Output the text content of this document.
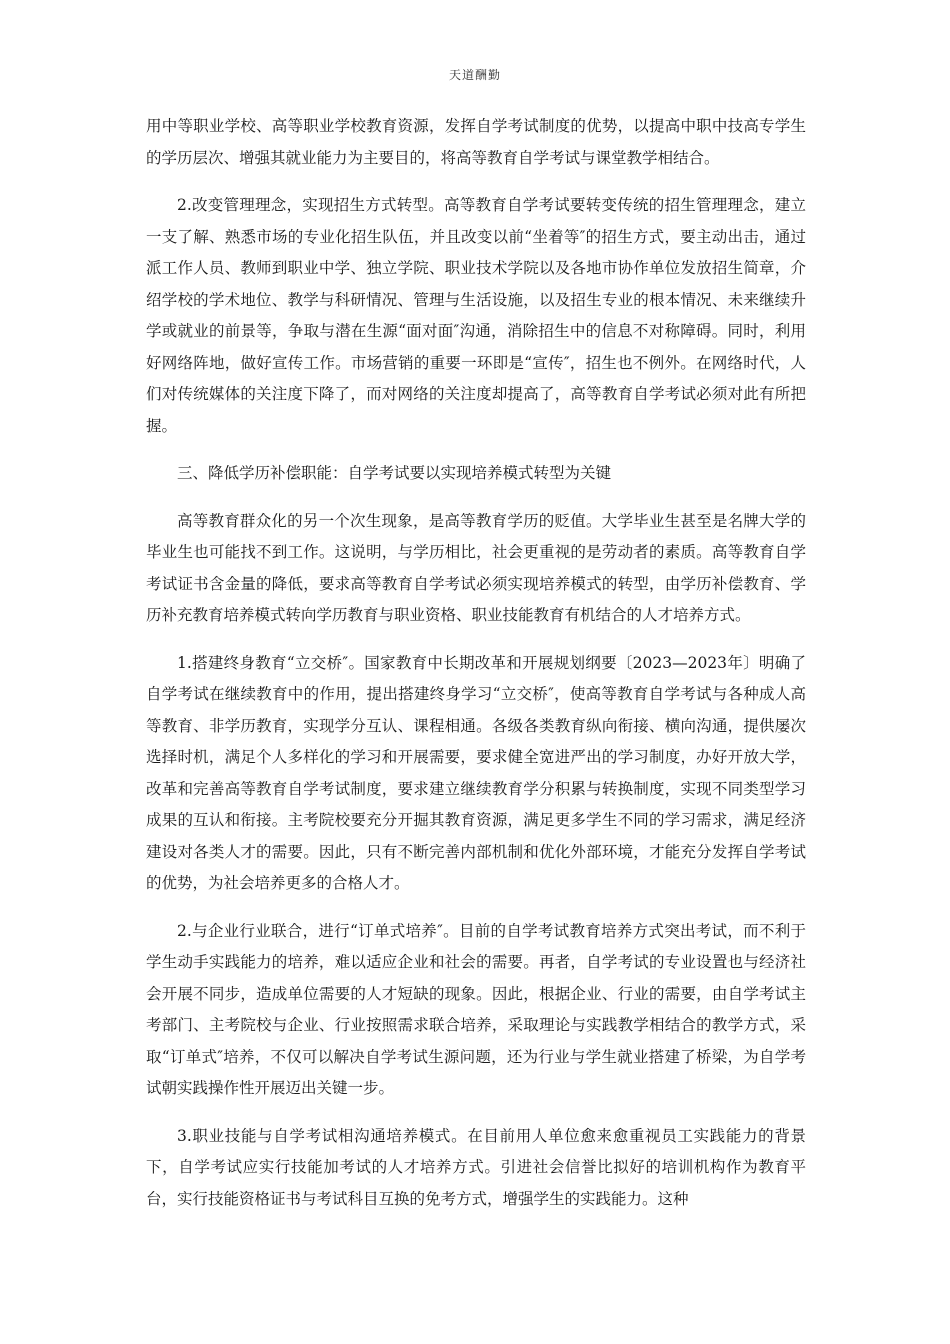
天道酬勤

用中等职业学校、高等职业学校教育资源，发挥自学考试制度的优势，以提高中职中技高专学生的学历层次、增强其就业能力为主要目的，将高等教育自学考试与课堂教学相结合。

2.改变管理理念，实现招生方式转型。高等教育自学考试要转变传统的招生管理理念，建立一支了解、熟悉市场的专业化招生队伍，并且改变以前“坐着等″的招生方式，要主动出击，通过派工作人员、教师到职业中学、独立学院、职业技术学院以及各地市协作单位发放招生简章，介绍学校的学术地位、教学与科研情况、管理与生活设施，以及招生专业的根本情况、未来继续升学或就业的前景等，争取与潜在生源“面对面″沟通，消除招生中的信息不对称障碍。同时，利用好网络阵地，做好宣传工作。市场营销的重要一环即是“宣传″，招生也不例外。在网络时代，人们对传统媒体的关注度下降了，而对网络的关注度却提高了，高等教育自学考试必须对此有所把握。

三、降低学历补偿职能：自学考试要以实现培养模式转型为关键

高等教育群众化的另一个次生现象，是高等教育学历的贬值。大学毕业生甚至是名牌大学的毕业生也可能找不到工作。这说明，与学历相比，社会更重视的是劳动者的素质。高等教育自学考试证书含金量的降低，要求高等教育自学考试必须实现培养模式的转型，由学历补偿教育、学历补充教育培养模式转向学历教育与职业资格、职业技能教育有机结合的人才培养方式。

1.搭建终身教育“立交桥″。国家教育中长期改革和开展规划纲要〔2023—2023年〕明确了自学考试在继续教育中的作用，提出搭建终身学习“立交桥″，使高等教育自学考试与各种成人高等教育、非学历教育，实现学分互认、课程相通。各级各类教育纵向衔接、横向沟通，提供屡次选择时机，满足个人多样化的学习和开展需要，要求健全宽进严出的学习制度，办好开放大学，改革和完善高等教育自学考试制度，要求建立继续教育学分积累与转换制度，实现不同类型学习成果的互认和衔接。主考院校要充分开掘其教育资源，满足更多学生不同的学习需求，满足经济建设对各类人才的需要。因此，只有不断完善内部机制和优化外部环境，才能充分发挥自学考试的优势，为社会培养更多的合格人才。

2.与企业行业联合，进行“订单式培养″。目前的自学考试教育培养方式突出考试，而不利于学生动手实践能力的培养，难以适应企业和社会的需要。再者，自学考试的专业设置也与经济社会开展不同步，造成单位需要的人才短缺的现象。因此，根据企业、行业的需要，由自学考试主考部门、主考院校与企业、行业按照需求联合培养，采取理论与实践教学相结合的教学方式，采取“订单式″培养，不仅可以解决自学考试生源问题，还为行业与学生就业搭建了桥梁，为自学考试朝实践操作性开展迈出关键一步。

3.职业技能与自学考试相沟通培养模式。在目前用人单位愈来愈重视员工实践能力的背景下，自学考试应实行技能加考试的人才培养方式。引进社会信誉比拟好的培训机构作为教育平台，实行技能资格证书与考试科目互换的免考方式，增强学生的实践能力。这种
